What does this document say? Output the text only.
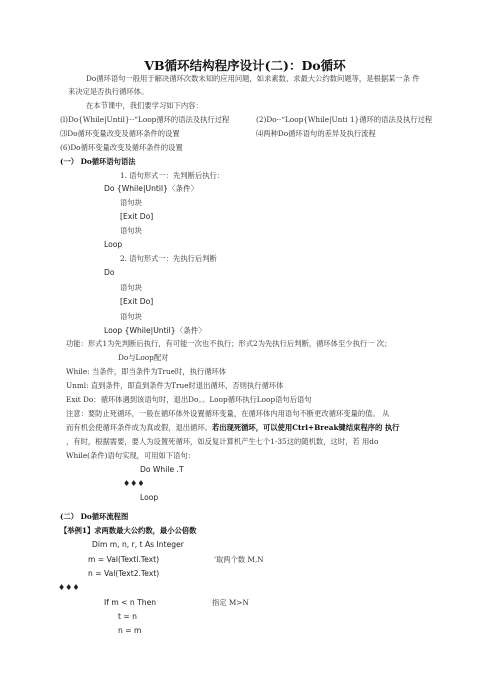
VB循环结构程序设计(二)：Do循环
Do循环语句一般用于解决循环次数未知的应用问题，如求素数、求最大公约数问题等，是根据某一条 件
来决定是否执行循环体。
在本节课中，我们要学习如下内容：
(l)Do{While|Until}··“Loop循环的语法及执行过程	(2)Do··“Loop{While|Unti 1}循环的语法及执行过程
⑶Do循环变量改变及循环条件的设置	⑷两种Do循环语句的差异及执行流程
(6)Do循环变量改变及循环条件的设置
(一） Do循环语句语法
1. 语句形式一：先判断后执行：
Do {While|Until}〈条件〉
语句块
[Exit Do]
语句块
Loop
2. 语句形式一：先执行后判断
Do
语句块
[Exit Do]
语句块
Loop {While|Until}〈条件〉
功能：形式1为先判断后执行，有可能一次也不执行；形式2为先执行后判断，循环体至少执行一 次；
Do与Loop配对
While: 当条件，即当条件为True时，执行循环体
Unml: 直到条件，即直到条件为True时退出循环，否则执行循环体
Exit Do：循环体遇到该语句时，退出Do。。Loop循环执行Loop语句后语句
注意：要防止死循环，一般在循环体外设置循环变量，在循环体内用语句不断更改循环变量的值。 从
而有机会使循环条件成为真或假，退出循环。若出现死循环，可以使用Ctrl+Break键结束程序的 执行
，有时，根据需要，要人为设置死循环，如反复计算机产生七个1-35这的随机数，这时，若 用do
While(条件)语句实现，可用如下语句：
Do While .T
♦♦♦
Loop
(二） Do循环流程图
【举例1】求两数最大公约数，最小公倍数
Dim m, n, r, t As Integer
m = Val(Textl.Text)	'取两个数 M,N
n = Val(Text2.Text)
♦♦♦
If m < n Then	指定 M>N
t = n
n = m
